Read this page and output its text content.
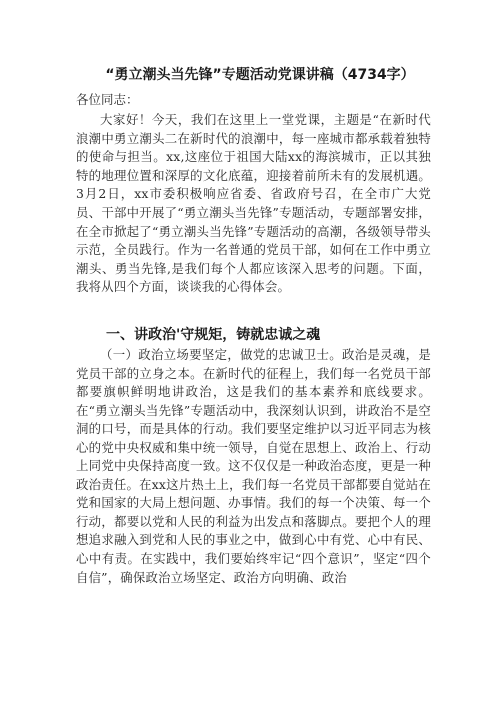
“勇立潮头当先锋”专题活动党课讲稿（4734字）
各位同志：
大家好！今天，我们在这里上一堂党课，主题是“在新时代浪潮中勇立潮头二在新时代的浪潮中，每一座城市都承载着独特的使命与担当。xx,这座位于祖国大陆xx的海滨城市，正以其独特的地理位置和深厚的文化底蕴，迎接着前所未有的发展机遇。3月2日，xx市委积极响应省委、省政府号召，在全市广大党员、干部中开展了“勇立潮头当先锋”专题活动，专题部署安排，在全市掀起了“勇立潮头当先锋”专题活动的高潮，各级领导带头示范，全员践行。作为一名普通的党员干部，如何在工作中勇立潮头、勇当先锋,是我们每个人都应该深入思考的问题。下面，我将从四个方面，谈谈我的心得体会。
一、讲政治'守规矩，铸就忠诚之魂
（一）政治立场要坚定，做党的忠诚卫士。政治是灵魂，是党员干部的立身之本。在新时代的征程上，我们每一名党员干部都要旗帜鲜明地讲政治，这是我们的基本素养和底线要求。在“勇立潮头当先锋”专题活动中，我深刻认识到，讲政治不是空洞的口号，而是具体的行动。我们要坚定维护以习近平同志为核心的党中央权威和集中统一领导，自觉在思想上、政治上、行动上同党中央保持高度一致。这不仅仅是一种政治态度，更是一种政治责任。在xx这片热土上，我们每一名党员干部都要自觉站在党和国家的大局上想问题、办事情。我们的每一个决策、每一个行动，都要以党和人民的利益为出发点和落脚点。要把个人的理想追求融入到党和人民的事业之中，做到心中有党、心中有民、心中有责。在实践中，我们要始终牢记“四个意识”，坚定“四个自信”，确保政治立场坚定、政治方向明确、政治
